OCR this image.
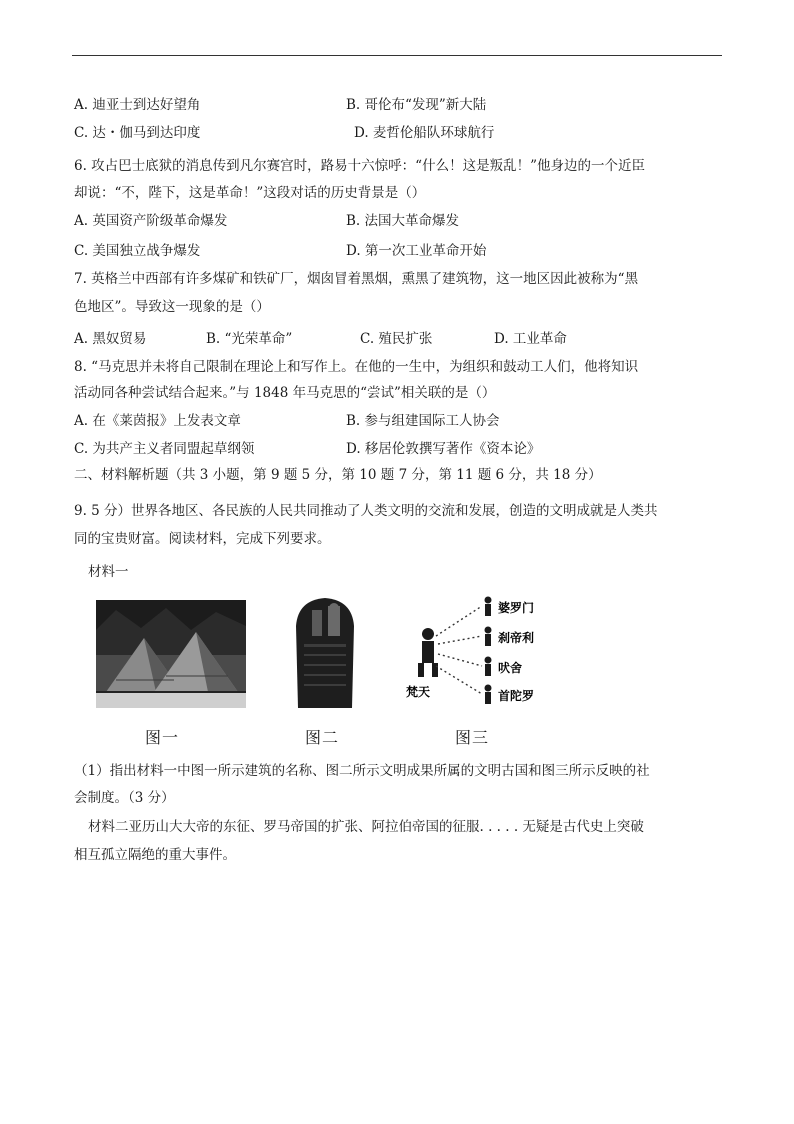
A. 迪亚士到达好望角	B. 哥伦布“发现”新大陆
C. 达・伽马到达印度	D. 麦哲伦船队环球航行
6. 攻占巴士底狱的消息传到凡尔赛宫时，路易十六惊呼：“什么！这是叛乱！”他身边的一个近臣
却说：“不，陛下，这是革命！”这段对话的历史背景是（）
A. 英国资产阶级革命爆发	B. 法国大革命爆发
C. 美国独立战争爆发	D. 第一次工业革命开始
7. 英格兰中西部有许多煤矿和铁矿厂，烟囱冒着黑烟，熏黑了建筑物，这一地区因此被称为“黑
色地区”。导致这一现象的是（）
A. 黑奴贸易	B. “光荣革命”	C. 殖民扩张	D. 工业革命
8. “马克思并未将自己限制在理论上和写作上。在他的一生中，为组织和鼓动工人们，他将知识
活动同各种尝试结合起来。”与 1848 年马克思的“尝试”相关联的是（）
A. 在《莱茵报》上发表文章	B. 参与组建国际工人协会
C. 为共产主义者同盟起草纲领	D. 移居伦敦撰写著作《资本论》
二、材料解析题（共 3 小题，第 9 题 5 分，第 10 题 7 分，第 11 题 6 分，共 18 分）
9. 5 分）世界各地区、各民族的人民共同推动了人类文明的交流和发展，创造的文明成就是人类共
同的宝贵财富。阅读材料，完成下列要求。
材料一
图一	图二
婆罗门
刹帝利
吠舍
首陀罗
梵天
图三
（1）指出材料一中图一所示建筑的名称、图二所示文明成果所属的文明古国和图三所示反映的社
会制度。（3 分）
材料二亚历山大大帝的东征、罗马帝国的扩张、阿拉伯帝国的征服. . . . . 无疑是古代史上突破
相互孤立隔绝的重大事件。
